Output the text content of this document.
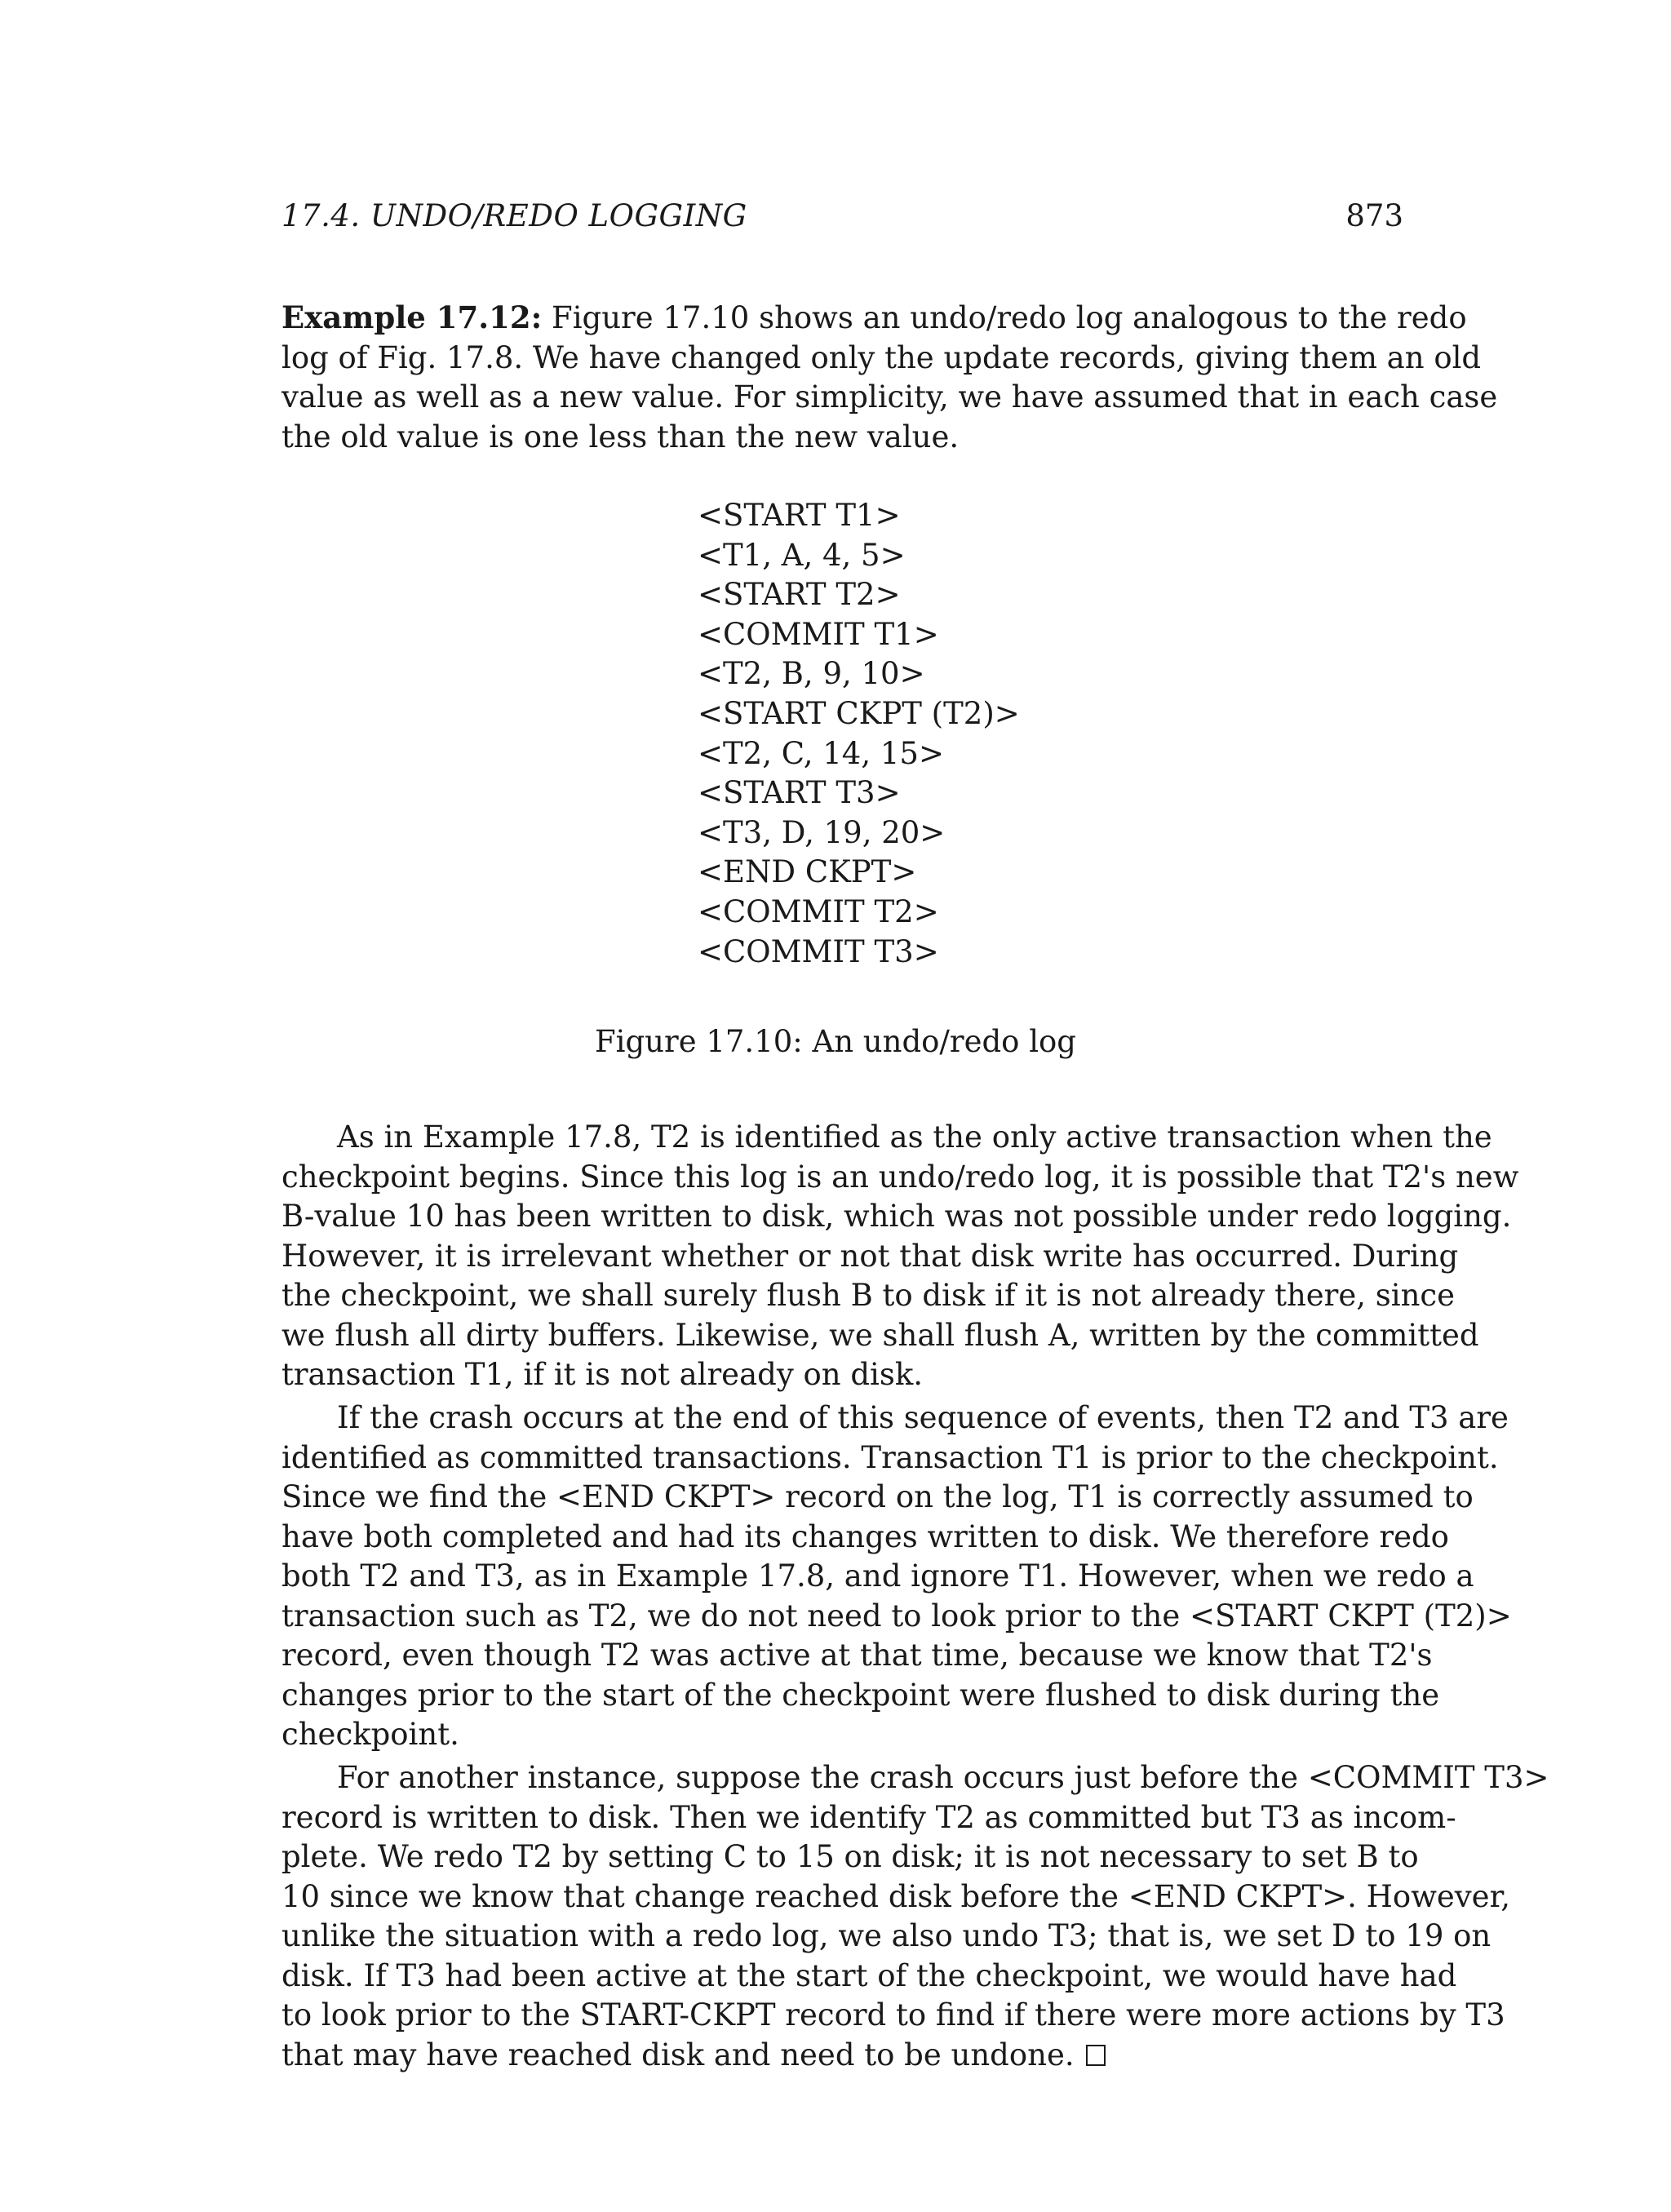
17.4. UNDO/REDO LOGGING	873
Example 17.12: Figure 17.10 shows an undo/redo log analogous to the redo
log of Fig. 17.8. We have changed only the update records, giving them an old
value as well as a new value. For simplicity, we have assumed that in each case
the old value is one less than the new value.
<START T1>
<T1, A, 4, 5>
<START T2>
<COMMIT T1>
<T2, B, 9, 10>
<START CKPT (T2)>
<T2, C, 14, 15>
<START T3>
<T3, D, 19, 20>
<END CKPT>
<COMMIT T2>
<COMMIT T3>
Figure 17.10: An undo/redo log
As in Example 17.8, T2 is identified as the only active transaction when the
checkpoint begins. Since this log is an undo/redo log, it is possible that T2's new
B-value 10 has been written to disk, which was not possible under redo logging.
However, it is irrelevant whether or not that disk write has occurred. During
the checkpoint, we shall surely flush B to disk if it is not already there, since
we flush all dirty buffers. Likewise, we shall flush A, written by the committed
transaction T1, if it is not already on disk.
If the crash occurs at the end of this sequence of events, then T2 and T3 are
identified as committed transactions. Transaction T1 is prior to the checkpoint.
Since we find the <END CKPT> record on the log, T1 is correctly assumed to
have both completed and had its changes written to disk. We therefore redo
both T2 and T3, as in Example 17.8, and ignore T1. However, when we redo a
transaction such as T2, we do not need to look prior to the <START CKPT (T2)>
record, even though T2 was active at that time, because we know that T2's
changes prior to the start of the checkpoint were flushed to disk during the
checkpoint.
For another instance, suppose the crash occurs just before the <COMMIT T3>
record is written to disk. Then we identify T2 as committed but T3 as incom-
plete. We redo T2 by setting C to 15 on disk; it is not necessary to set B to
10 since we know that change reached disk before the <END CKPT>. However,
unlike the situation with a redo log, we also undo T3; that is, we set D to 19 on
disk. If T3 had been active at the start of the checkpoint, we would have had
to look prior to the START-CKPT record to find if there were more actions by T3
that may have reached disk and need to be undone.
